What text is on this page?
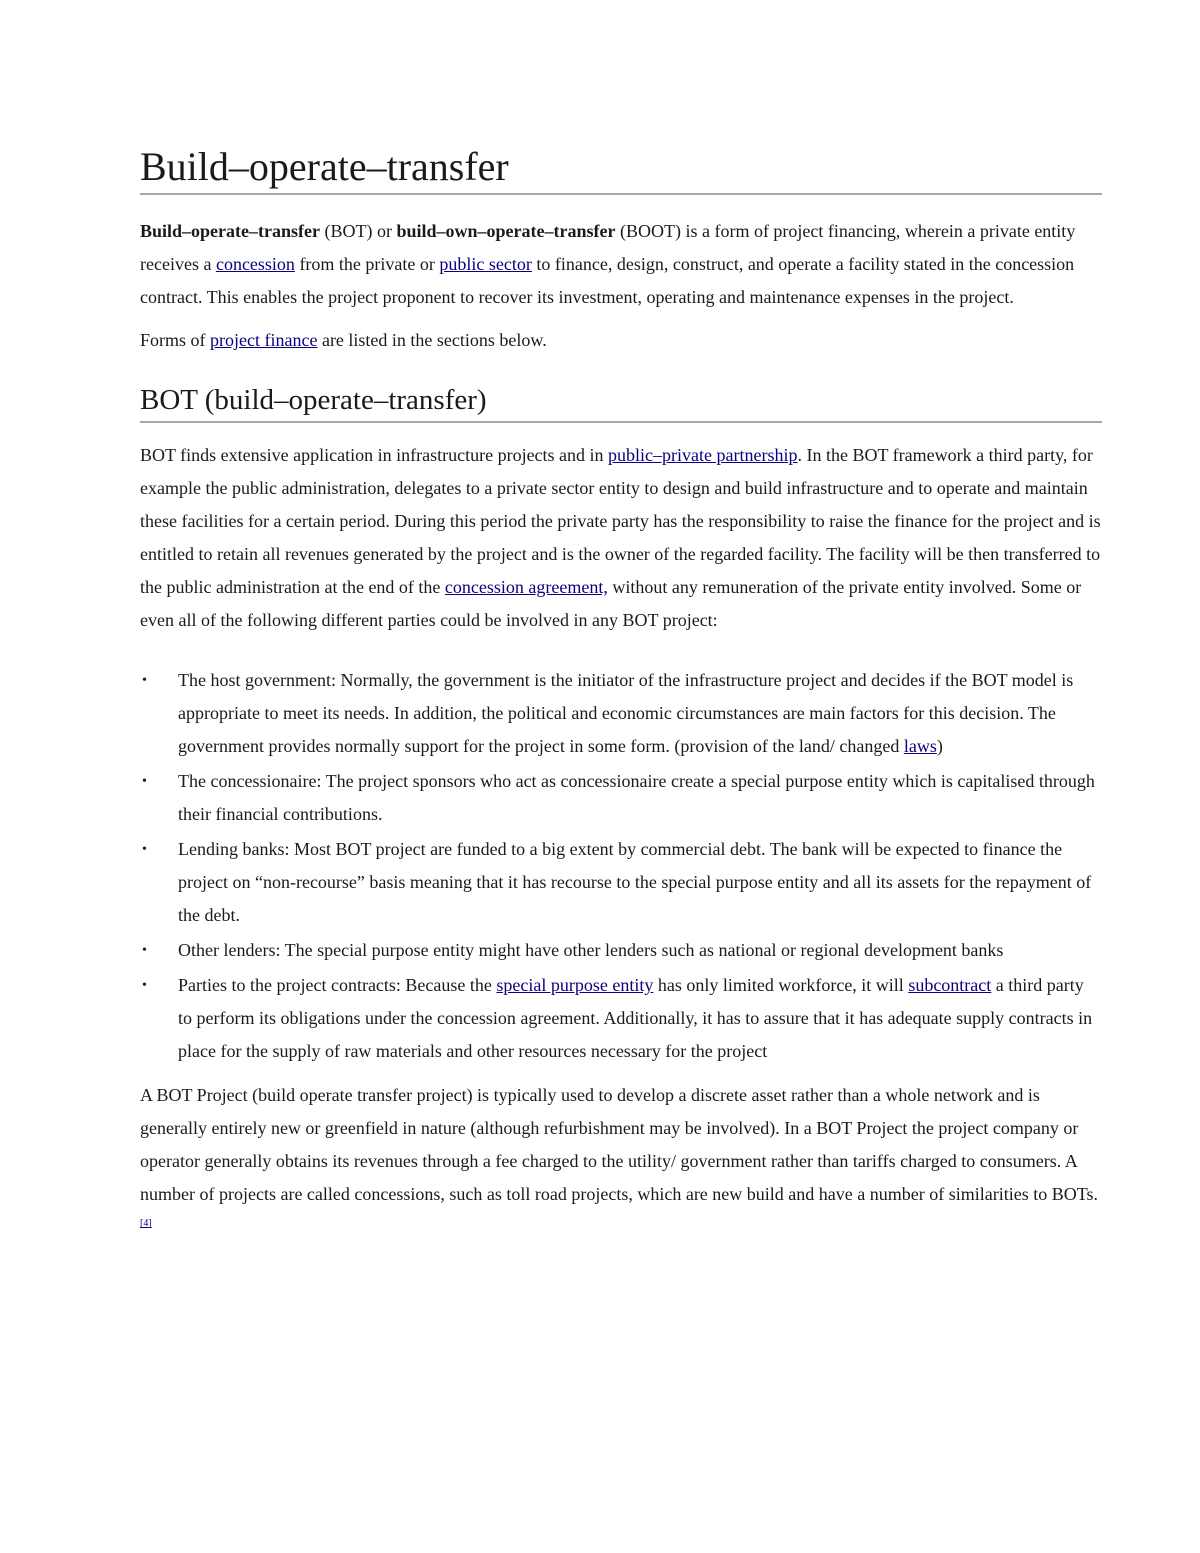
Build–operate–transfer

Build–operate–transfer (BOT) or build–own–operate–transfer (BOOT) is a form of project financing, wherein a private entity receives a concession from the private or public sector to finance, design, construct, and operate a facility stated in the concession contract. This enables the project proponent to recover its investment, operating and maintenance expenses in the project.

Forms of project finance are listed in the sections below.

BOT (build–operate–transfer)

BOT finds extensive application in infrastructure projects and in public–private partnership. In the BOT framework a third party, for example the public administration, delegates to a private sector entity to design and build infrastructure and to operate and maintain these facilities for a certain period. During this period the private party has the responsibility to raise the finance for the project and is entitled to retain all revenues generated by the project and is the owner of the regarded facility. The facility will be then transferred to the public administration at the end of the concession agreement, without any remuneration of the private entity involved. Some or even all of the following different parties could be involved in any BOT project:

• The host government: Normally, the government is the initiator of the infrastructure project and decides if the BOT model is appropriate to meet its needs. In addition, the political and economic circumstances are main factors for this decision. The government provides normally support for the project in some form. (provision of the land/ changed laws)
• The concessionaire: The project sponsors who act as concessionaire create a special purpose entity which is capitalised through their financial contributions.
• Lending banks: Most BOT project are funded to a big extent by commercial debt. The bank will be expected to finance the project on “non-recourse” basis meaning that it has recourse to the special purpose entity and all its assets for the repayment of the debt.
• Other lenders: The special purpose entity might have other lenders such as national or regional development banks
• Parties to the project contracts: Because the special purpose entity has only limited workforce, it will subcontract a third party to perform its obligations under the concession agreement. Additionally, it has to assure that it has adequate supply contracts in place for the supply of raw materials and other resources necessary for the project

A BOT Project (build operate transfer project) is typically used to develop a discrete asset rather than a whole network and is generally entirely new or greenfield in nature (although refurbishment may be involved). In a BOT Project the project company or operator generally obtains its revenues through a fee charged to the utility/ government rather than tariffs charged to consumers. A number of projects are called concessions, such as toll road projects, which are new build and have a number of similarities to BOTs.[4]
